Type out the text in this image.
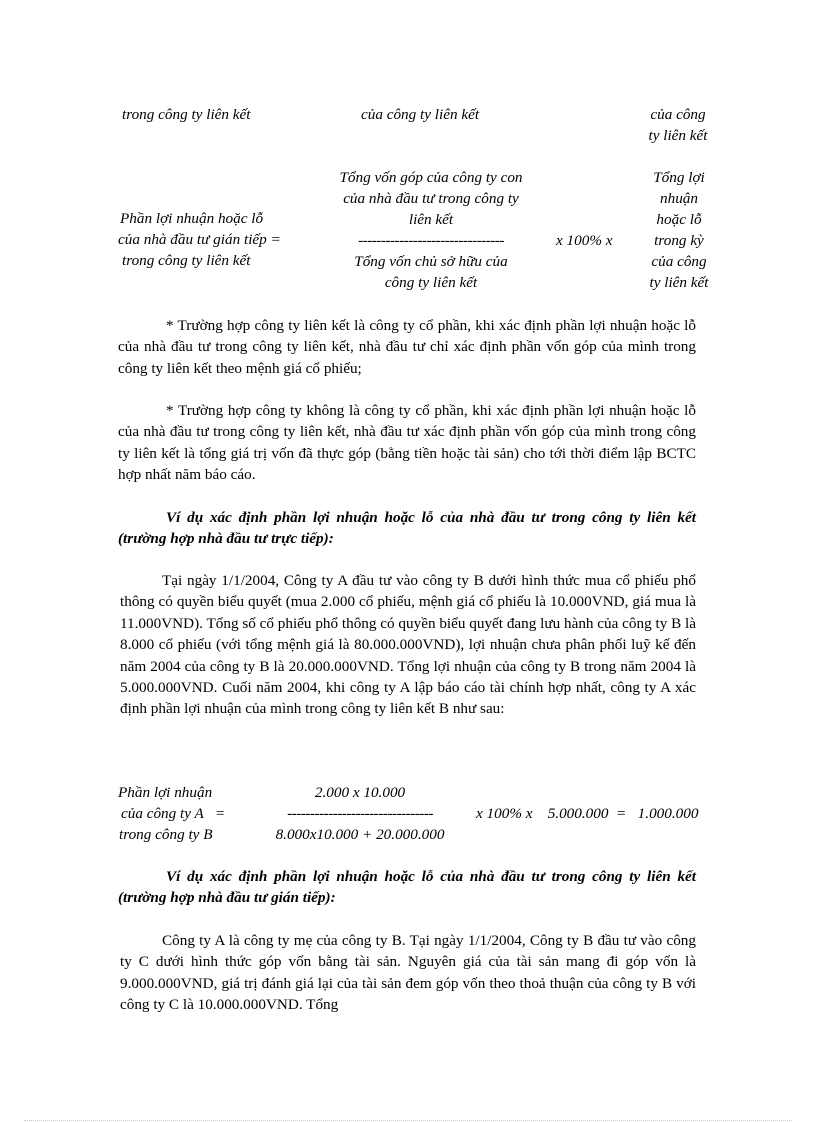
trong công ty liên kết	của công ty liên kết	của công
ty liên kết
Phần lợi nhuận hoặc lỗ
của nhà đầu tư gián tiếp =
trong công ty liên kết
Tổng vốn góp của công ty con
của nhà đầu tư trong công ty
liên kết
--------------------------------
Tổng vốn chủ sở hữu của
công ty liên kết

x 100% x

Tổng lợi
nhuận
hoặc lỗ
trong kỳ
của công
ty liên kết

* Trường hợp công ty liên kết là công ty cổ phần, khi xác định phần lợi nhuận hoặc lỗ của nhà đầu tư trong công ty liên kết, nhà đầu tư chỉ xác định phần vốn góp của mình trong công ty liên kết theo mệnh giá cổ phiếu;

* Trường hợp công ty không là công ty cổ phần, khi xác định phần lợi nhuận hoặc lỗ của nhà đầu tư trong công ty liên kết, nhà đầu tư xác định phần vốn góp của mình trong công ty liên kết là tổng giá trị vốn đã thực góp (bằng tiền hoặc tài sản) cho tới thời điểm lập BCTC hợp nhất năm báo cáo.

Ví dụ xác định phần lợi nhuận hoặc lỗ của nhà đầu tư trong công ty liên kết (trường hợp nhà đầu tư trực tiếp):

Tại ngày 1/1/2004, Công ty A đầu tư vào công ty B dưới hình thức mua cổ phiếu phổ thông có quyền biểu quyết (mua 2.000 cổ phiếu, mệnh giá cổ phiếu là 10.000VND, giá mua là 11.000VND). Tổng số cổ phiếu phổ thông có quyền biểu quyết đang lưu hành của công ty B là 8.000 cổ phiếu (với tổng mệnh giá là 80.000.000VND), lợi nhuận chưa phân phối luỹ kế đến năm 2004 của công ty B là 20.000.000VND. Tổng lợi nhuận của công ty B trong năm 2004 là 5.000.000VND. Cuối năm 2004, khi công ty A lập báo cáo tài chính hợp nhất, công ty A xác định phần lợi nhuận của mình trong công ty liên kết B như sau:

Phần lợi nhuận
của công ty A   =
trong công ty B
2.000 x 10.000
--------------------------------
8.000x10.000 + 20.000.000

x 100% x    5.000.000  =   1.000.000

Ví dụ xác định phần lợi nhuận hoặc lỗ của nhà đầu tư trong công ty liên kết (trường hợp nhà đầu tư gián tiếp):

Công ty A là công ty mẹ của công ty B. Tại ngày 1/1/2004, Công ty B đầu tư vào công ty C dưới hình thức góp vốn bằng tài sản. Nguyên giá của tài sản mang đi góp vốn là 9.000.000VND, giá trị đánh giá lại của tài sản đem góp vốn theo thoả thuận của công ty B với công ty C là 10.000.000VND. Tổng
